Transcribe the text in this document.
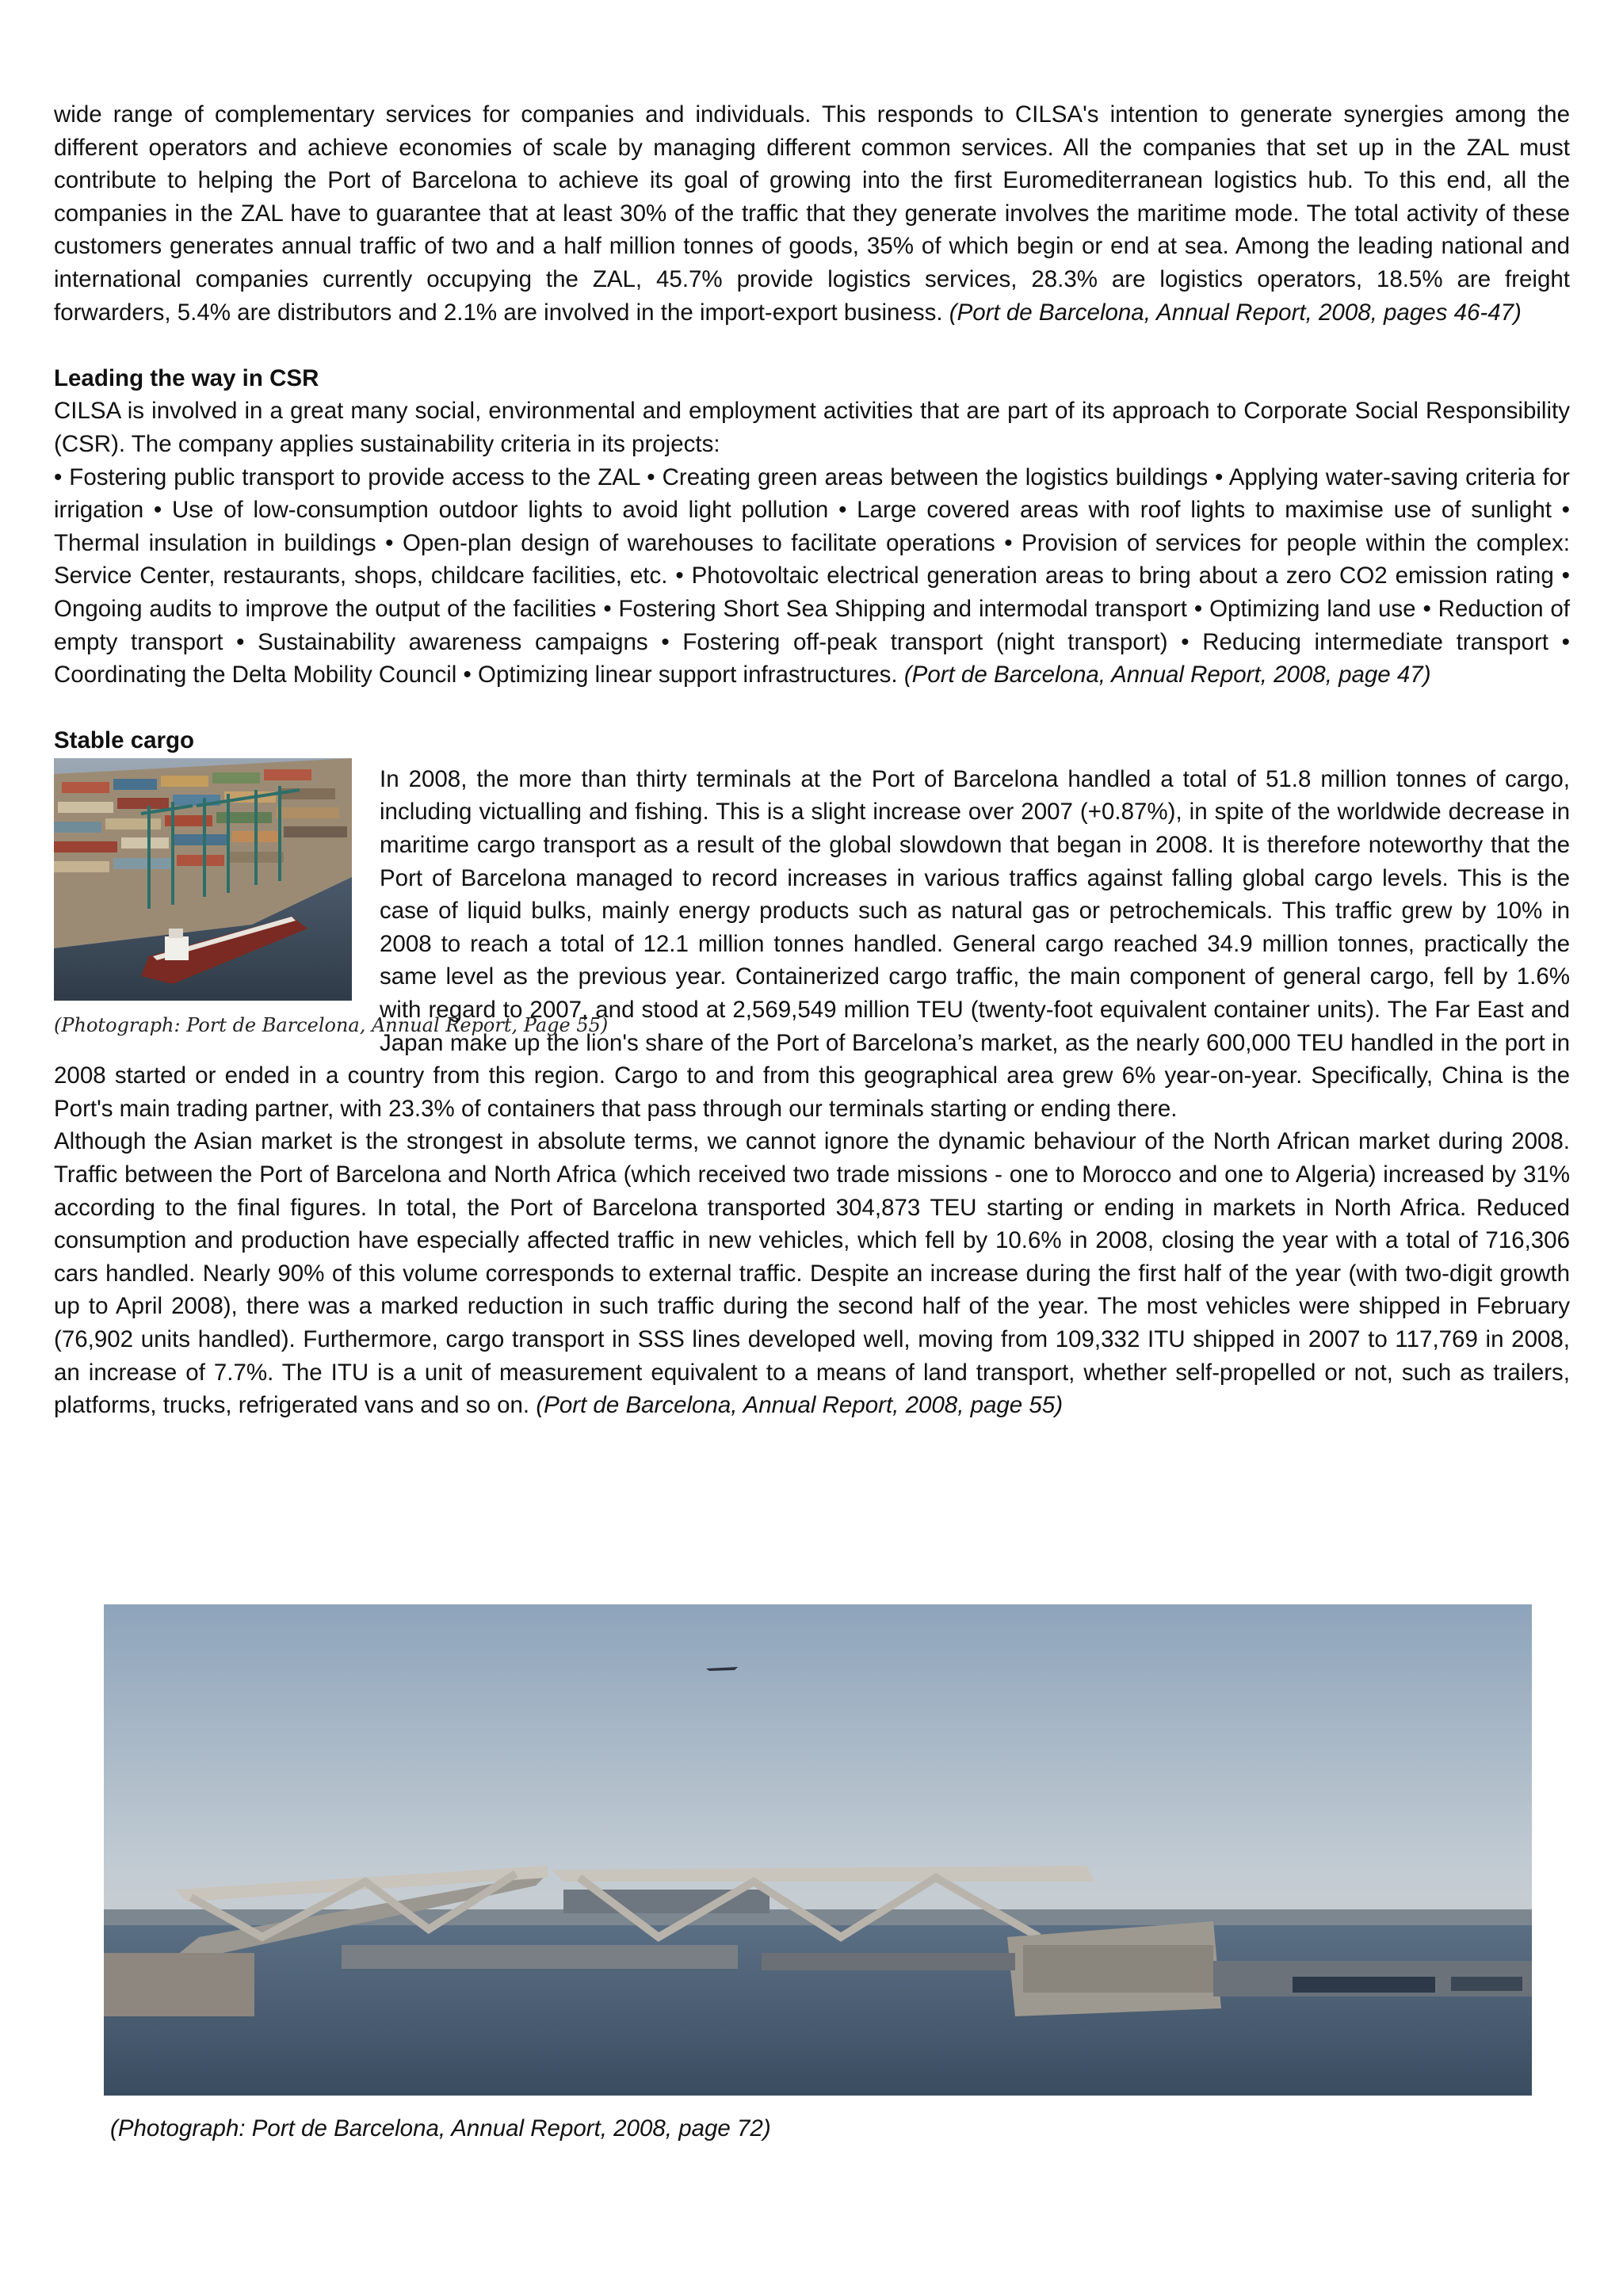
wide range of complementary services for companies and individuals. This responds to CILSA's intention to generate synergies among the different operators and achieve economies of scale by managing different common services. All the companies that set up in the ZAL must contribute to helping the Port of Barcelona to achieve its goal of growing into the first Euromediterranean logistics hub. To this end, all the companies in the ZAL have to guarantee that at least 30% of the traffic that they generate involves the maritime mode. The total activity of these customers generates annual traffic of two and a half million tonnes of goods, 35% of which begin or end at sea. Among the leading national and international companies currently occupying the ZAL, 45.7% provide logistics services, 28.3% are logistics operators, 18.5% are freight forwarders, 5.4% are distributors and 2.1% are involved in the import-export business. (Port de Barcelona, Annual Report, 2008, pages 46-47)

Leading the way in CSR

CILSA is involved in a great many social, environmental and employment activities that are part of its approach to Corporate Social Responsibility (CSR). The company applies sustainability criteria in its projects:

• Fostering public transport to provide access to the ZAL • Creating green areas between the logistics buildings • Applying water-saving criteria for irrigation • Use of low-consumption outdoor lights to avoid light pollution • Large covered areas with roof lights to maximise use of sunlight • Thermal insulation in buildings • Open-plan design of warehouses to facilitate operations • Provision of services for people within the complex: Service Center, restaurants, shops, childcare facilities, etc. • Photovoltaic electrical generation areas to bring about a zero CO2 emission rating • Ongoing audits to improve the output of the facilities • Fostering Short Sea Shipping and intermodal transport • Optimizing land use • Reduction of empty transport • Sustainability awareness campaigns • Fostering off-peak transport (night transport) • Reducing intermediate transport • Coordinating the Delta Mobility Council • Optimizing linear support infrastructures. (Port de Barcelona, Annual Report, 2008, page 47)

Stable cargo
(Photograph: Port de Barcelona, Annual Report, Page 55)

In 2008, the more than thirty terminals at the Port of Barcelona handled a total of 51.8 million tonnes of cargo, including victualling and fishing. This is a slight increase over 2007 (+0.87%), in spite of the worldwide decrease in maritime cargo transport as a result of the global slowdown that began in 2008. It is therefore noteworthy that the Port of Barcelona managed to record increases in various traffics against falling global cargo levels. This is the case of liquid bulks, mainly energy products such as natural gas or petrochemicals. This traffic grew by 10% in 2008 to reach a total of 12.1 million tonnes handled. General cargo reached 34.9 million tonnes, practically the same level as the previous year. Containerized cargo traffic, the main component of general cargo, fell by 1.6% with regard to 2007, and stood at 2,569,549 million TEU (twenty-foot equivalent container units). The Far East and Japan make up the lion's share of the Port of Barcelona’s market, as the nearly 600,000 TEU handled in the port in 2008 started or ended in a country from this region. Cargo to and from this geographical area grew 6% year-on-year. Specifically, China is the Port's main trading partner, with 23.3% of containers that pass through our terminals starting or ending there.

Although the Asian market is the strongest in absolute terms, we cannot ignore the dynamic behaviour of the North African market during 2008. Traffic between the Port of Barcelona and North Africa (which received two trade missions - one to Morocco and one to Algeria) increased by 31% according to the final figures. In total, the Port of Barcelona transported 304,873 TEU starting or ending in markets in North Africa. Reduced consumption and production have especially affected traffic in new vehicles, which fell by 10.6% in 2008, closing the year with a total of 716,306 cars handled. Nearly 90% of this volume corresponds to external traffic. Despite an increase during the first half of the year (with two-digit growth up to April 2008), there was a marked reduction in such traffic during the second half of the year. The most vehicles were shipped in February (76,902 units handled). Furthermore, cargo transport in SSS lines developed well, moving from 109,332 ITU shipped in 2007 to 117,769 in 2008, an increase of 7.7%. The ITU is a unit of measurement equivalent to a means of land transport, whether self-propelled or not, such as trailers, platforms, trucks, refrigerated vans and so on. (Port de Barcelona, Annual Report, 2008, page 55)

(Photograph: Port de Barcelona, Annual Report, 2008, page 72)
